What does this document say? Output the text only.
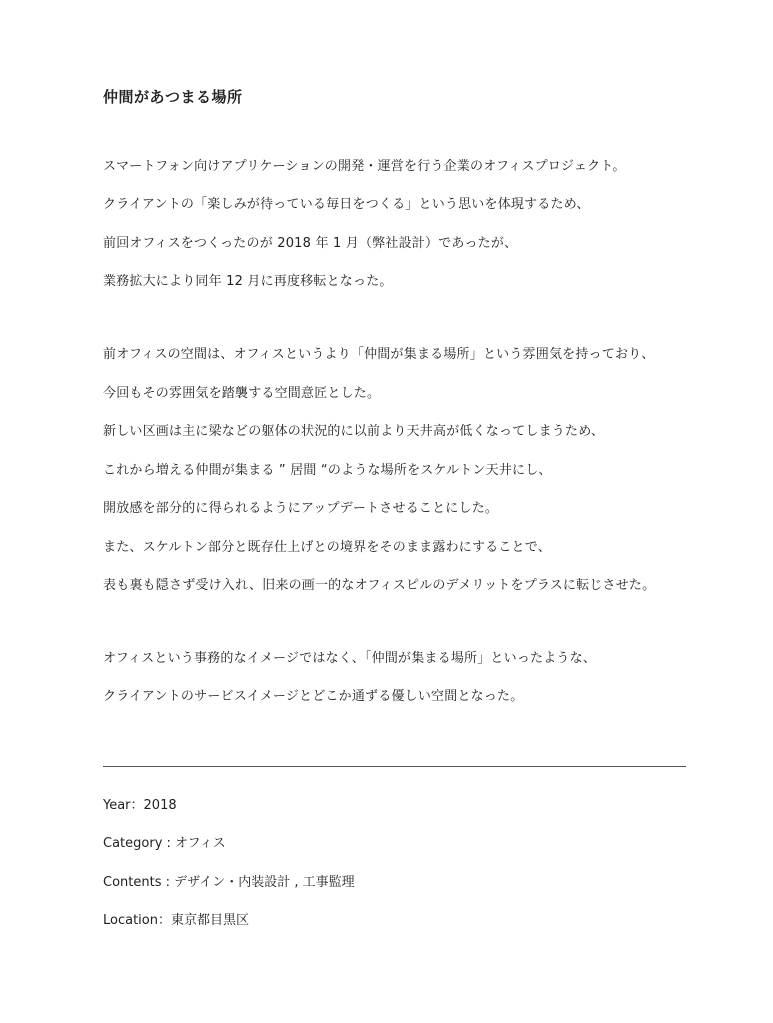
仲間があつまる場所
スマートフォン向けアプリケーションの開発・運営を行う企業のオフィスプロジェクト。
クライアントの「楽しみが待っている毎日をつくる」という思いを体現するため、
前回オフィスをつくったのが 2018 年 1 月（弊社設計）であったが、
業務拡大により同年 12 月に再度移転となった。
前オフィスの空間は、オフィスというより「仲間が集まる場所」という雰囲気を持っており、
今回もその雰囲気を踏襲する空間意匠とした。
新しい区画は主に梁などの躯体の状況的に以前より天井高が低くなってしまうため、
これから増える仲間が集まる ” 居間 “のような場所をスケルトン天井にし、
開放感を部分的に得られるようにアップデートさせることにした。
また、スケルトン部分と既存仕上げとの境界をそのまま露わにすることで、
表も裏も隠さず受け入れ、旧来の画一的なオフィスピルのデメリットをプラスに転じさせた。
オフィスという事務的なイメージではなく、「仲間が集まる場所」といったような、
クライアントのサービスイメージとどこか通ずる優しい空間となった。
Year：2018
Category : オフィス
Contents : デザイン・内装設計 , 工事監理
Location：東京都目黒区
